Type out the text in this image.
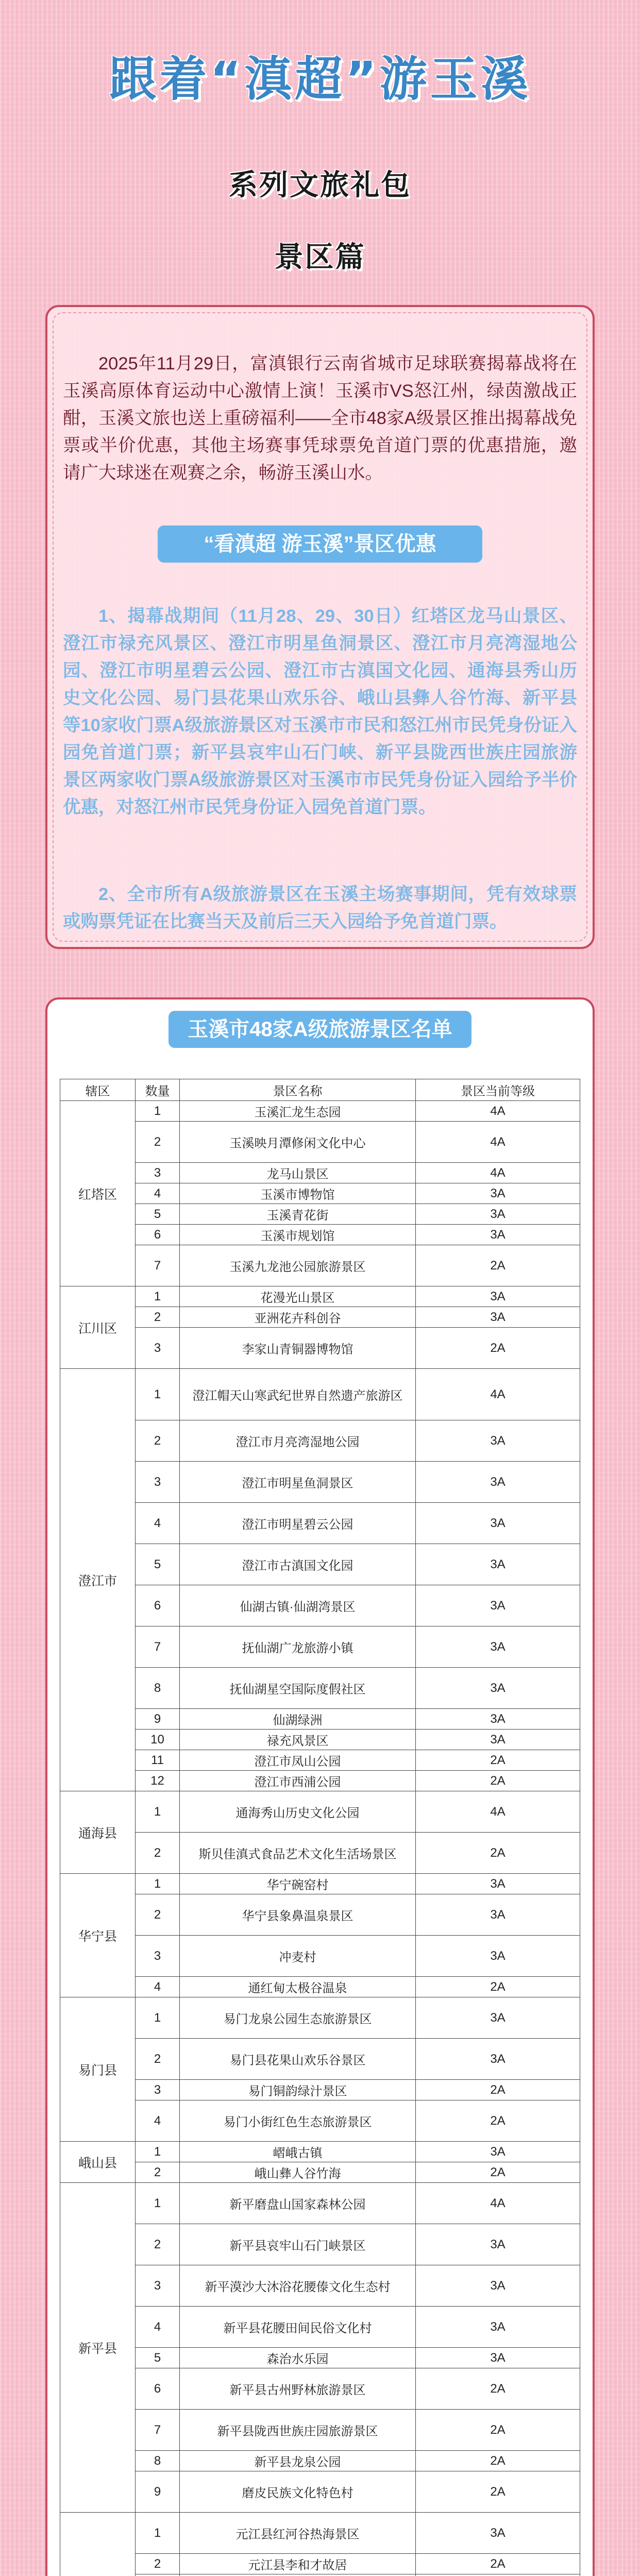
跟着“滇超”游玉溪
系列文旅礼包
景区篇

2025年11月29日，富滇银行云南省城市足球联赛揭幕战将在玉溪高原体育运动中心激情上演！玉溪市VS怒江州，绿茵激战正酣，玉溪文旅也送上重磅福利——全市48家A级景区推出揭幕战免票或半价优惠，其他主场赛事凭球票免首道门票的优惠措施，邀请广大球迷在观赛之余，畅游玉溪山水。

“看滇超 游玉溪”景区优惠

1、揭幕战期间（11月28、29、30日）红塔区龙马山景区、澄江市禄充风景区、澄江市明星鱼洞景区、澄江市月亮湾湿地公园、澄江市明星碧云公园、澄江市古滇国文化园、通海县秀山历史文化公园、易门县花果山欢乐谷、峨山县彝人谷竹海、新平县等10家收门票A级旅游景区对玉溪市市民和怒江州市民凭身份证入园免首道门票；新平县哀牢山石门峡、新平县陇西世族庄园旅游景区两家收门票A级旅游景区对玉溪市市民凭身份证入园给予半价优惠，对怒江州市民凭身份证入园免首道门票。

2、全市所有A级旅游景区在玉溪主场赛事期间，凭有效球票或购票凭证在比赛当天及前后三天入园给予免首道门票。

玉溪市48家A级旅游景区名单
辖区	数量	景区名称	景区当前等级
红塔区	1	玉溪汇龙生态园	4A
	2	玉溪映月潭修闲文化中心	4A
	3	龙马山景区	4A
	4	玉溪市博物馆	3A
	5	玉溪青花街	3A
	6	玉溪市规划馆	3A
	7	玉溪九龙池公园旅游景区	2A
江川区	1	花漫光山景区	3A
	2	亚洲花卉科创谷	3A
	3	李家山青铜器博物馆	2A
澄江市	1	澄江帽天山寒武纪世界自然遗产旅游区	4A
	2	澄江市月亮湾湿地公园	3A
	3	澄江市明星鱼洞景区	3A
	4	澄江市明星碧云公园	3A
	5	澄江市古滇国文化园	3A
	6	仙湖古镇·仙湖湾景区	3A
	7	抚仙湖广龙旅游小镇	3A
	8	抚仙湖星空国际度假社区	3A
	9	仙湖绿洲	3A
	10	禄充风景区	3A
	11	澄江市凤山公园	2A
	12	澄江市西浦公园	2A
通海县	1	通海秀山历史文化公园	4A
	2	斯贝佳滇式食品艺术文化生活场景区	2A
华宁县	1	华宁碗窑村	3A
	2	华宁县象鼻温泉景区	3A
	3	冲麦村	3A
	4	通红甸太极谷温泉	2A
易门县	1	易门龙泉公园生态旅游景区	3A
	2	易门县花果山欢乐谷景区	3A
	3	易门铜韵绿汁景区	2A
	4	易门小街红色生态旅游景区	2A
峨山县	1	嶍峨古镇	3A
	2	峨山彝人谷竹海	2A
新平县	1	新平磨盘山国家森林公园	4A
	2	新平县哀牢山石门峡景区	3A
	3	新平漠沙大沐浴花腰傣文化生态村	3A
	4	新平县花腰田间民俗文化村	3A
	5	森治水乐园	3A
	6	新平县古州野林旅游景区	2A
	7	新平县陇西世族庄园旅游景区	2A
	8	新平县龙泉公园	2A
	9	磨皮民族文化特色村	2A
	1	元江县红河谷热海景区	3A
	2	元江县李和才故居	2A
